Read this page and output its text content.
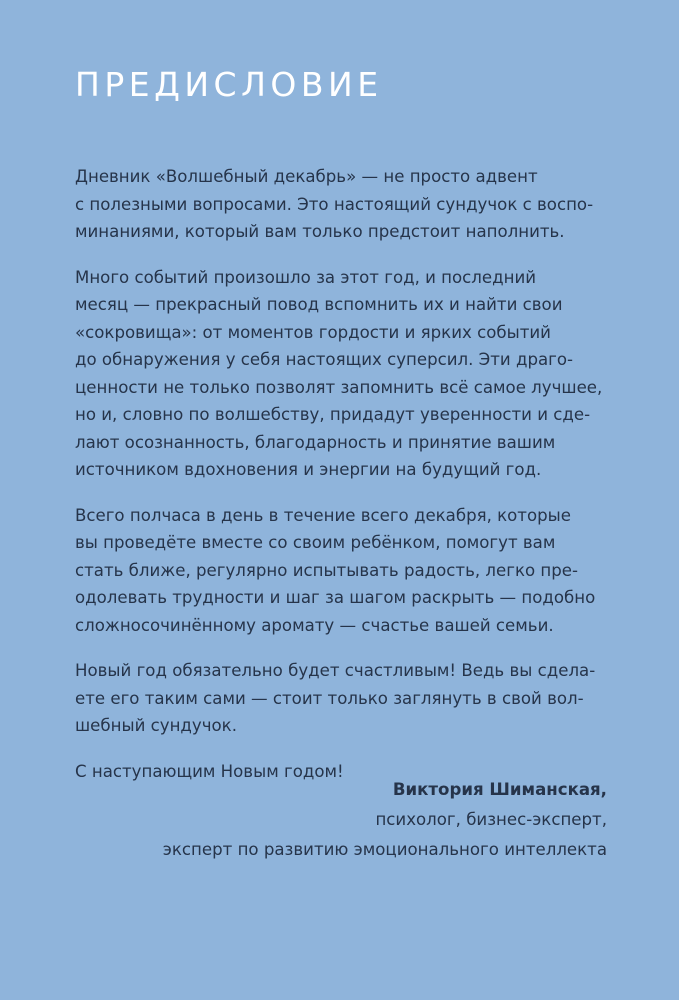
ПРЕДИСЛОВИЕ

Дневник «Волшебный декабрь» — не просто адвент
с полезными вопросами. Это настоящий сундучок с воспо-
минаниями, который вам только предстоит наполнить.

Много событий произошло за этот год, и последний
месяц — прекрасный повод вспомнить их и найти свои
«сокровища»: от моментов гордости и ярких событий
до обнаружения у себя настоящих суперсил. Эти драго-
ценности не только позволят запомнить всё самое лучшее,
но и, словно по волшебству, придадут уверенности и сде-
лают осознанность, благодарность и принятие вашим
источником вдохновения и энергии на будущий год.

Всего полчаса в день в течение всего декабря, которые
вы проведёте вместе со своим ребёнком, помогут вам
стать ближе, регулярно испытывать радость, легко пре-
одолевать трудности и шаг за шагом раскрыть — подобно
сложносочинённому аромату — счастье вашей семьи.

Новый год обязательно будет счастливым! Ведь вы сдела-
ете его таким сами — стоит только заглянуть в свой вол-
шебный сундучок.

С наступающим Новым годом!

Виктория Шиманская,
психолог, бизнес-эксперт,
эксперт по развитию эмоционального интеллекта
